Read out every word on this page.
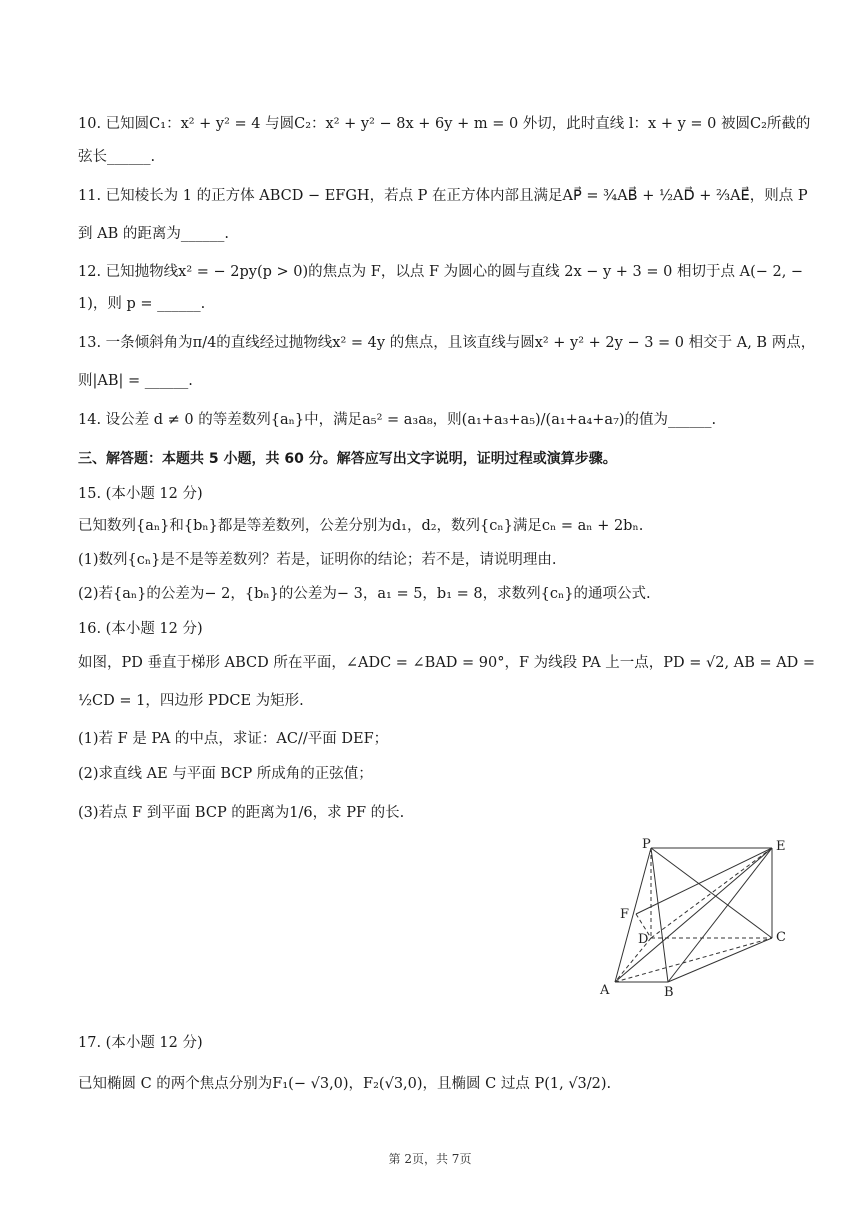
10. 已知圆C₁：x² + y² = 4 与圆C₂：x² + y² − 8x + 6y + m = 0 外切，此时直线 l：x + y = 0 被圆C₂所截的
弦长______.
11. 已知棱长为 1 的正方体 ABCD − EFGH，若点 P 在正方体内部且满足AP⃗ = ¾AB⃗ + ½AD⃗ + ⅔AE⃗，则点 P
到 AB 的距离为______.
12. 已知抛物线x² = − 2py(p > 0)的焦点为 F，以点 F 为圆心的圆与直线 2x − y + 3 = 0 相切于点 A(− 2, −
1)，则 p = ______.
13. 一条倾斜角为π/4的直线经过抛物线x² = 4y 的焦点，且该直线与圆x² + y² + 2y − 3 = 0 相交于 A, B 两点，
则|AB| = ______.
14. 设公差 d ≠ 0 的等差数列{aₙ}中，满足a₅² = a₃a₈，则(a₁+a₃+a₅)/(a₁+a₄+a₇)的值为______.
三、解答题：本题共 5 小题，共 60 分。解答应写出文字说明，证明过程或演算步骤。
15. (本小题 12 分)
已知数列{aₙ}和{bₙ}都是等差数列，公差分别为d₁，d₂，数列{cₙ}满足cₙ = aₙ + 2bₙ.
(1)数列{cₙ}是不是等差数列？若是，证明你的结论；若不是，请说明理由.
(2)若{aₙ}的公差为− 2，{bₙ}的公差为− 3，a₁ = 5，b₁ = 8，求数列{cₙ}的通项公式.
16. (本小题 12 分)
如图，PD 垂直于梯形 ABCD 所在平面，∠ADC = ∠BAD = 90°，F 为线段 PA 上一点，PD = √2, AB = AD =
½CD = 1，四边形 PDCE 为矩形.
(1)若 F 是 PA 的中点，求证：AC//平面 DEF；
(2)求直线 AE 与平面 BCP 所成角的正弦值；
(3)若点 F 到平面 BCP 的距离为1/6，求 PF 的长.
P	E
F
D	C
A	B
17. (本小题 12 分)
已知椭圆 C 的两个焦点分别为F₁(− √3,0)，F₂(√3,0)，且椭圆 C 过点 P(1, √3/2).
第 2页，共 7页
